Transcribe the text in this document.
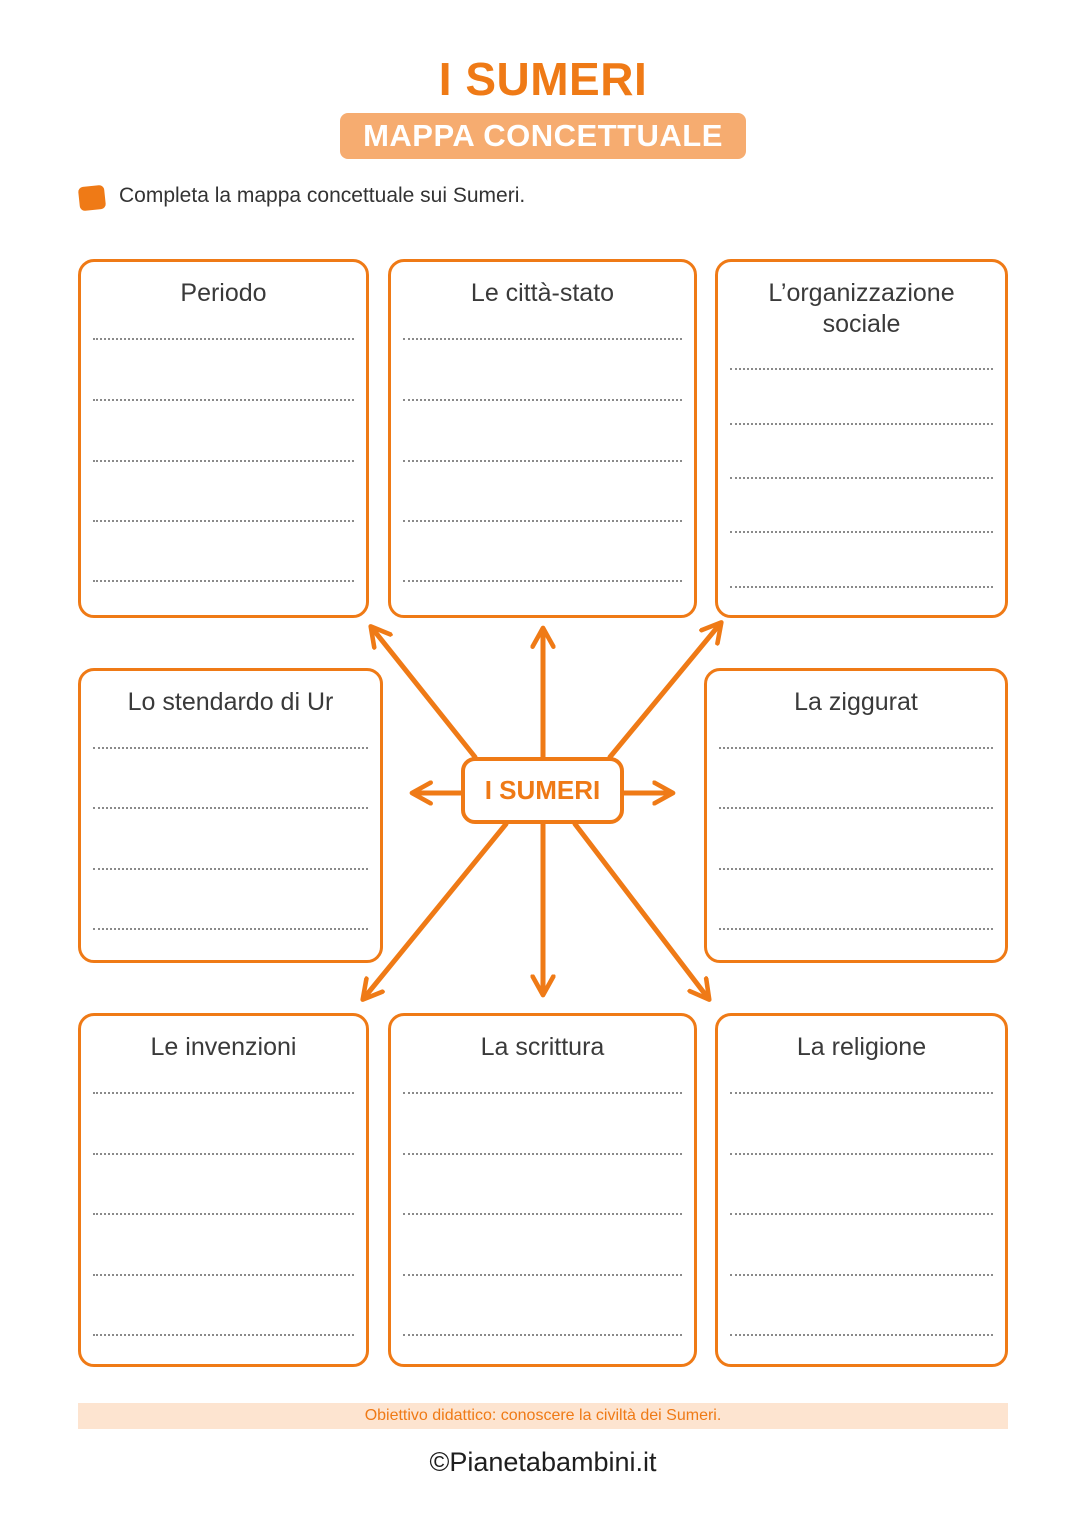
I SUMERI
MAPPA CONCETTUALE
Completa la mappa concettuale sui Sumeri.
Periodo	Le città-stato	L’organizzazione sociale
Lo stendardo di Ur	La ziggurat
Le invenzioni	La scrittura	La religione
I SUMERI
Obiettivo didattico: conoscere la civiltà dei Sumeri.
©Pianetabambini.it
